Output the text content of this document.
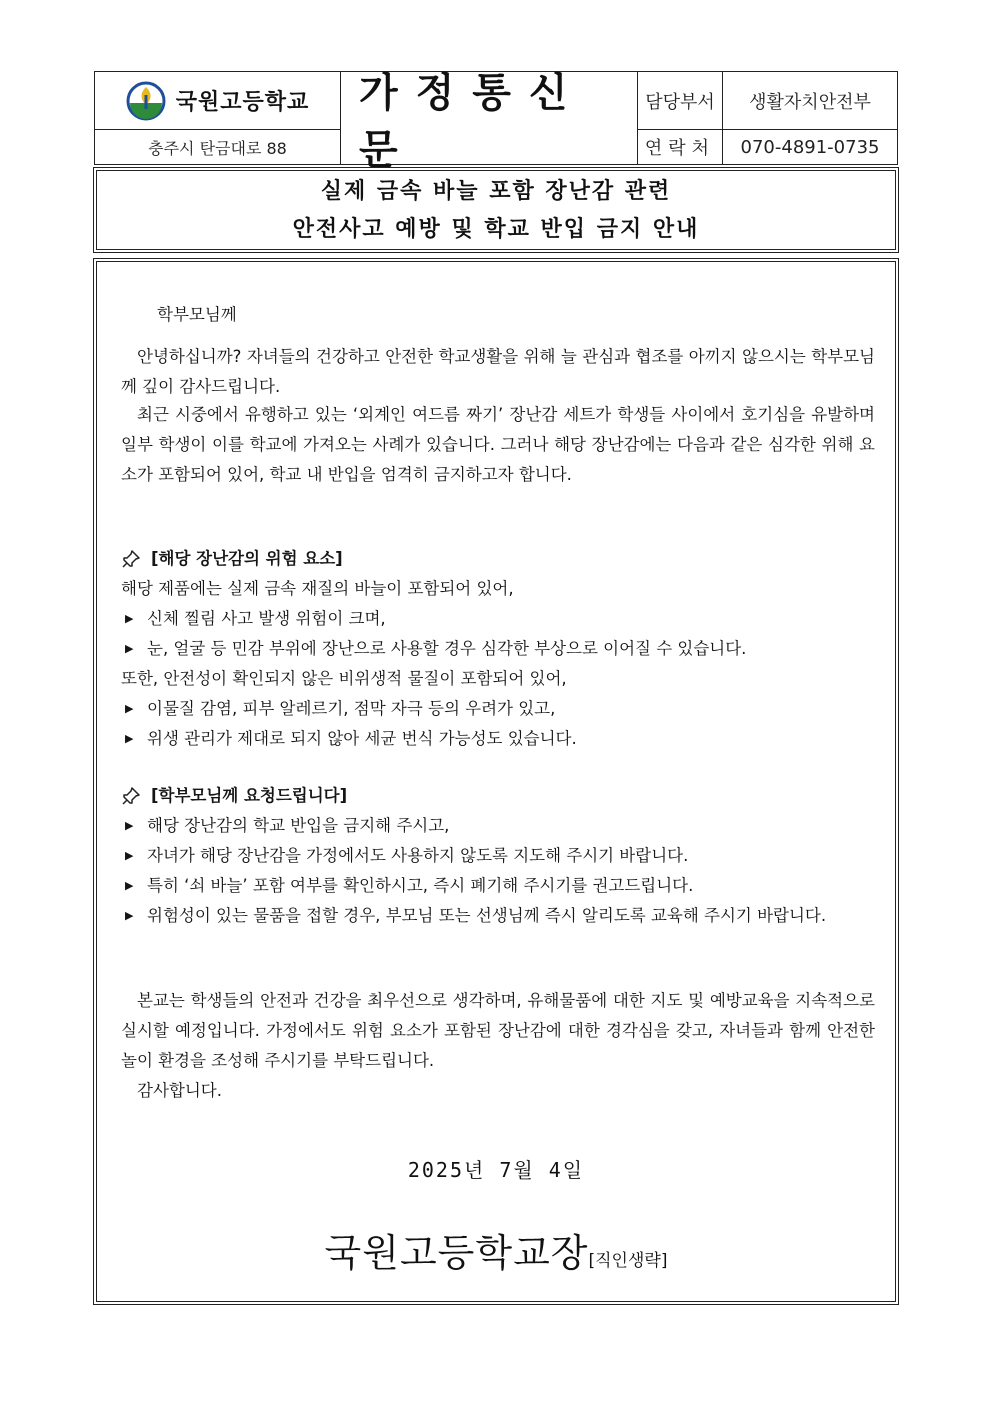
국원고등학교
충주시 탄금대로 88
가정통신문
담당부서	생활자치안전부
연락처	070-4891-0735
실제 금속 바늘 포함 장난감 관련
안전사고 예방 및 학교 반입 금지 안내
학부모님께
안녕하십니까? 자녀들의 건강하고 안전한 학교생활을 위해 늘 관심과 협조를 아끼지 않으시는 학부모님께 깊이 감사드립니다.
최근 시중에서 유행하고 있는 ‘외계인 여드름 짜기’ 장난감 세트가 학생들 사이에서 호기심을 유발하며 일부 학생이 이를 학교에 가져오는 사례가 있습니다. 그러나 해당 장난감에는 다음과 같은 심각한 위해 요소가 포함되어 있어, 학교 내 반입을 엄격히 금지하고자 합니다.
[해당 장난감의 위험 요소]
해당 제품에는 실제 금속 재질의 바늘이 포함되어 있어,
▶ 신체 찔림 사고 발생 위험이 크며,
▶ 눈, 얼굴 등 민감 부위에 장난으로 사용할 경우 심각한 부상으로 이어질 수 있습니다.
또한, 안전성이 확인되지 않은 비위생적 물질이 포함되어 있어,
▶ 이물질 감염, 피부 알레르기, 점막 자극 등의 우려가 있고,
▶ 위생 관리가 제대로 되지 않아 세균 번식 가능성도 있습니다.
[학부모님께 요청드립니다]
▶ 해당 장난감의 학교 반입을 금지해 주시고,
▶ 자녀가 해당 장난감을 가정에서도 사용하지 않도록 지도해 주시기 바랍니다.
▶ 특히 ‘쇠 바늘’ 포함 여부를 확인하시고, 즉시 폐기해 주시기를 권고드립니다.
▶ 위험성이 있는 물품을 접할 경우, 부모님 또는 선생님께 즉시 알리도록 교육해 주시기 바랍니다.
본교는 학생들의 안전과 건강을 최우선으로 생각하며, 유해물품에 대한 지도 및 예방교육을 지속적으로 실시할 예정입니다. 가정에서도 위험 요소가 포함된 장난감에 대한 경각심을 갖고, 자녀들과 함께 안전한 놀이 환경을 조성해 주시기를 부탁드립니다.
감사합니다.
2025년 7월 4일
국원고등학교장[직인생략]
